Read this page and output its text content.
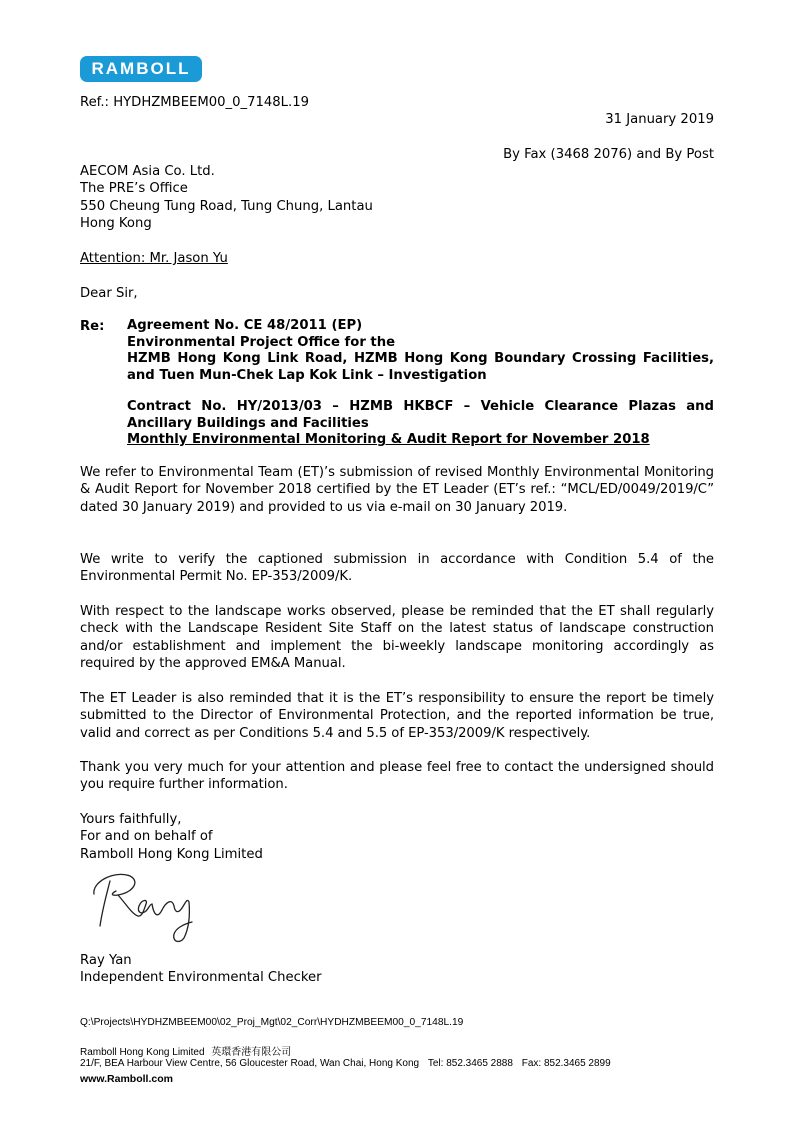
RAMBOLL
Ref.: HYDHZMBEEM00_0_7148L.19
31 January 2019
By Fax (3468 2076) and By Post
AECOM Asia Co. Ltd.
The PRE’s Office
550 Cheung Tung Road, Tung Chung, Lantau
Hong Kong
Attention: Mr. Jason Yu
Dear Sir,
Re: Agreement No. CE 48/2011 (EP)
Environmental Project Office for the
HZMB Hong Kong Link Road, HZMB Hong Kong Boundary Crossing Facilities,
and Tuen Mun-Chek Lap Kok Link – Investigation
Contract No. HY/2013/03 – HZMB HKBCF – Vehicle Clearance Plazas and
Ancillary Buildings and Facilities
Monthly Environmental Monitoring & Audit Report for November 2018
We refer to Environmental Team (ET)’s submission of revised Monthly Environmental Monitoring & Audit Report for November 2018 certified by the ET Leader (ET’s ref.: “MCL/ED/0049/2019/C” dated 30 January 2019) and provided to us via e-mail on 30 January 2019.
We write to verify the captioned submission in accordance with Condition 5.4 of the Environmental Permit No. EP-353/2009/K.
With respect to the landscape works observed, please be reminded that the ET shall regularly check with the Landscape Resident Site Staff on the latest status of landscape construction and/or establishment and implement the bi-weekly landscape monitoring accordingly as required by the approved EM&A Manual.
The ET Leader is also reminded that it is the ET’s responsibility to ensure the report be timely submitted to the Director of Environmental Protection, and the reported information be true, valid and correct as per Conditions 5.4 and 5.5 of EP-353/2009/K respectively.
Thank you very much for your attention and please feel free to contact the undersigned should you require further information.
Yours faithfully,
For and on behalf of
Ramboll Hong Kong Limited
Ray Yan
Independent Environmental Checker
Q:\Projects\HYDHZMBEEM00\02_Proj_Mgt\02_Corr\HYDHZMBEEM00_0_7148L.19
Ramboll Hong Kong Limited 英環香港有限公司
21/F, BEA Harbour View Centre, 56 Gloucester Road, Wan Chai, Hong Kong Tel: 852.3465 2888 Fax: 852.3465 2899
www.Ramboll.com
